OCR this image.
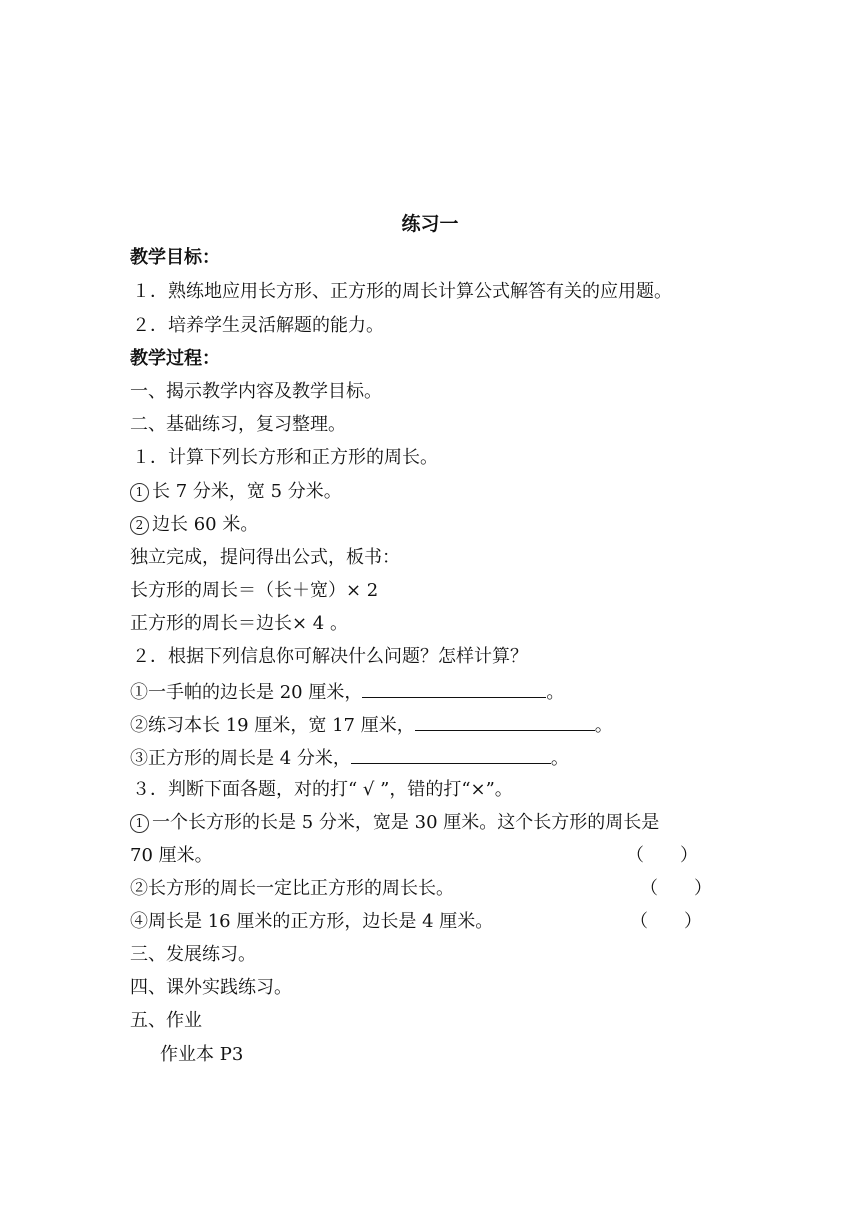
练习一
教学目标：
１．熟练地应用长方形、正方形的周长计算公式解答有关的应用题。
２．培养学生灵活解题的能力。
教学过程：
一、揭示教学内容及教学目标。
二、基础练习，复习整理。
１．计算下列长方形和正方形的周长。
1 长 7 分米，宽 5 分米。
2 边长 60 米。
独立完成，提问得出公式，板书：
长方形的周长＝（长＋宽）× 2
正方形的周长＝边长× 4 。
２．根据下列信息你可解决什么问题？怎样计算？
①一手帕的边长是 20 厘米，	。
②练习本长 19 厘米，宽 17 厘米，	。
③正方形的周长是 4 分米，	。
３．判断下面各题，对的打“ √ ”，错的打“×”。
1 一个长方形的长是 5 分米，宽是 30 厘米。这个长方形的周长是
70 厘米。	（　　）
②长方形的周长一定比正方形的周长长。	（　　）
④周长是 16 厘米的正方形，边长是 4 厘米。	（　　）
三、发展练习。
四、课外实践练习。
五、作业
作业本 P3
